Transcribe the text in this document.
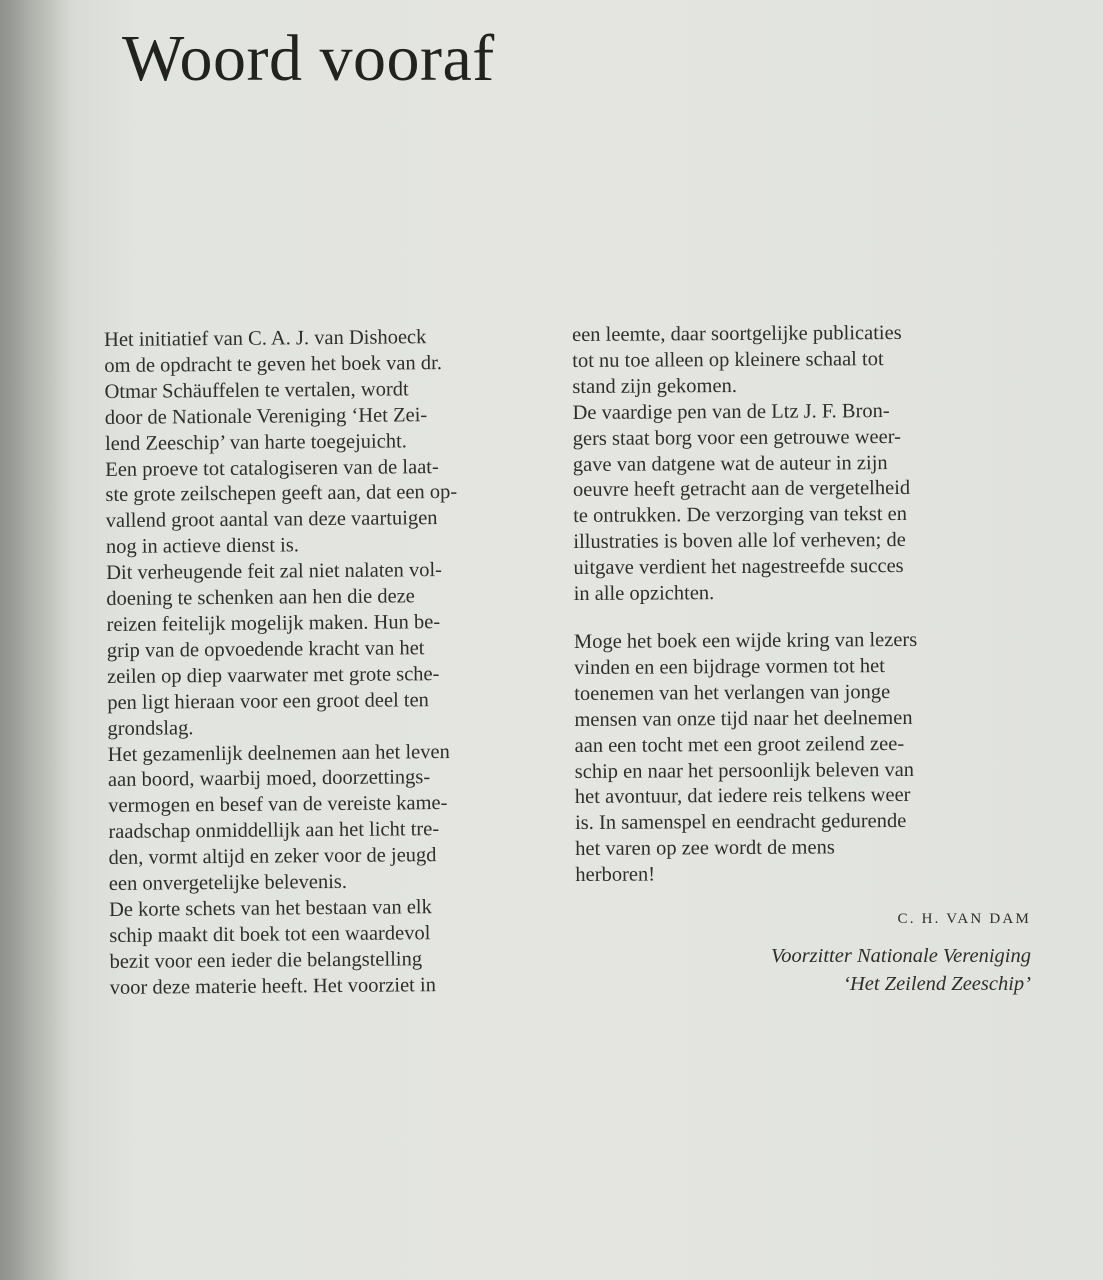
Woord vooraf

Het initiatief van C. A. J. van Dishoeck
om de opdracht te geven het boek van dr.
Otmar Schäuffelen te vertalen, wordt
door de Nationale Vereniging ‘Het Zei-
lend Zeeschip’ van harte toegejuicht.

Een proeve tot catalogiseren van de laat-
ste grote zeilschepen geeft aan, dat een op-
vallend groot aantal van deze vaartuigen
nog in actieve dienst is.

Dit verheugende feit zal niet nalaten vol-
doening te schenken aan hen die deze
reizen feitelijk mogelijk maken. Hun be-
grip van de opvoedende kracht van het
zeilen op diep vaarwater met grote sche-
pen ligt hieraan voor een groot deel ten
grondslag.

Het gezamenlijk deelnemen aan het leven
aan boord, waarbij moed, doorzettings-
vermogen en besef van de vereiste kame-
raadschap onmiddellijk aan het licht tre-
den, vormt altijd en zeker voor de jeugd
een onvergetelijke belevenis.

De korte schets van het bestaan van elk
schip maakt dit boek tot een waardevol
bezit voor een ieder die belangstelling
voor deze materie heeft. Het voorziet in

een leemte, daar soortgelijke publicaties
tot nu toe alleen op kleinere schaal tot
stand zijn gekomen.

De vaardige pen van de Ltz J. F. Bron-
gers staat borg voor een getrouwe weer-
gave van datgene wat de auteur in zijn
oeuvre heeft getracht aan de vergetelheid
te ontrukken. De verzorging van tekst en
illustraties is boven alle lof verheven; de
uitgave verdient het nagestreefde succes
in alle opzichten.

Moge het boek een wijde kring van lezers
vinden en een bijdrage vormen tot het
toenemen van het verlangen van jonge
mensen van onze tijd naar het deelnemen
aan een tocht met een groot zeilend zee-
schip en naar het persoonlijk beleven van
het avontuur, dat iedere reis telkens weer
is. In samenspel en eendracht gedurende
het varen op zee wordt de mens
herboren!

C. H. VAN DAM
Voorzitter Nationale Vereniging
‘Het Zeilend Zeeschip’
